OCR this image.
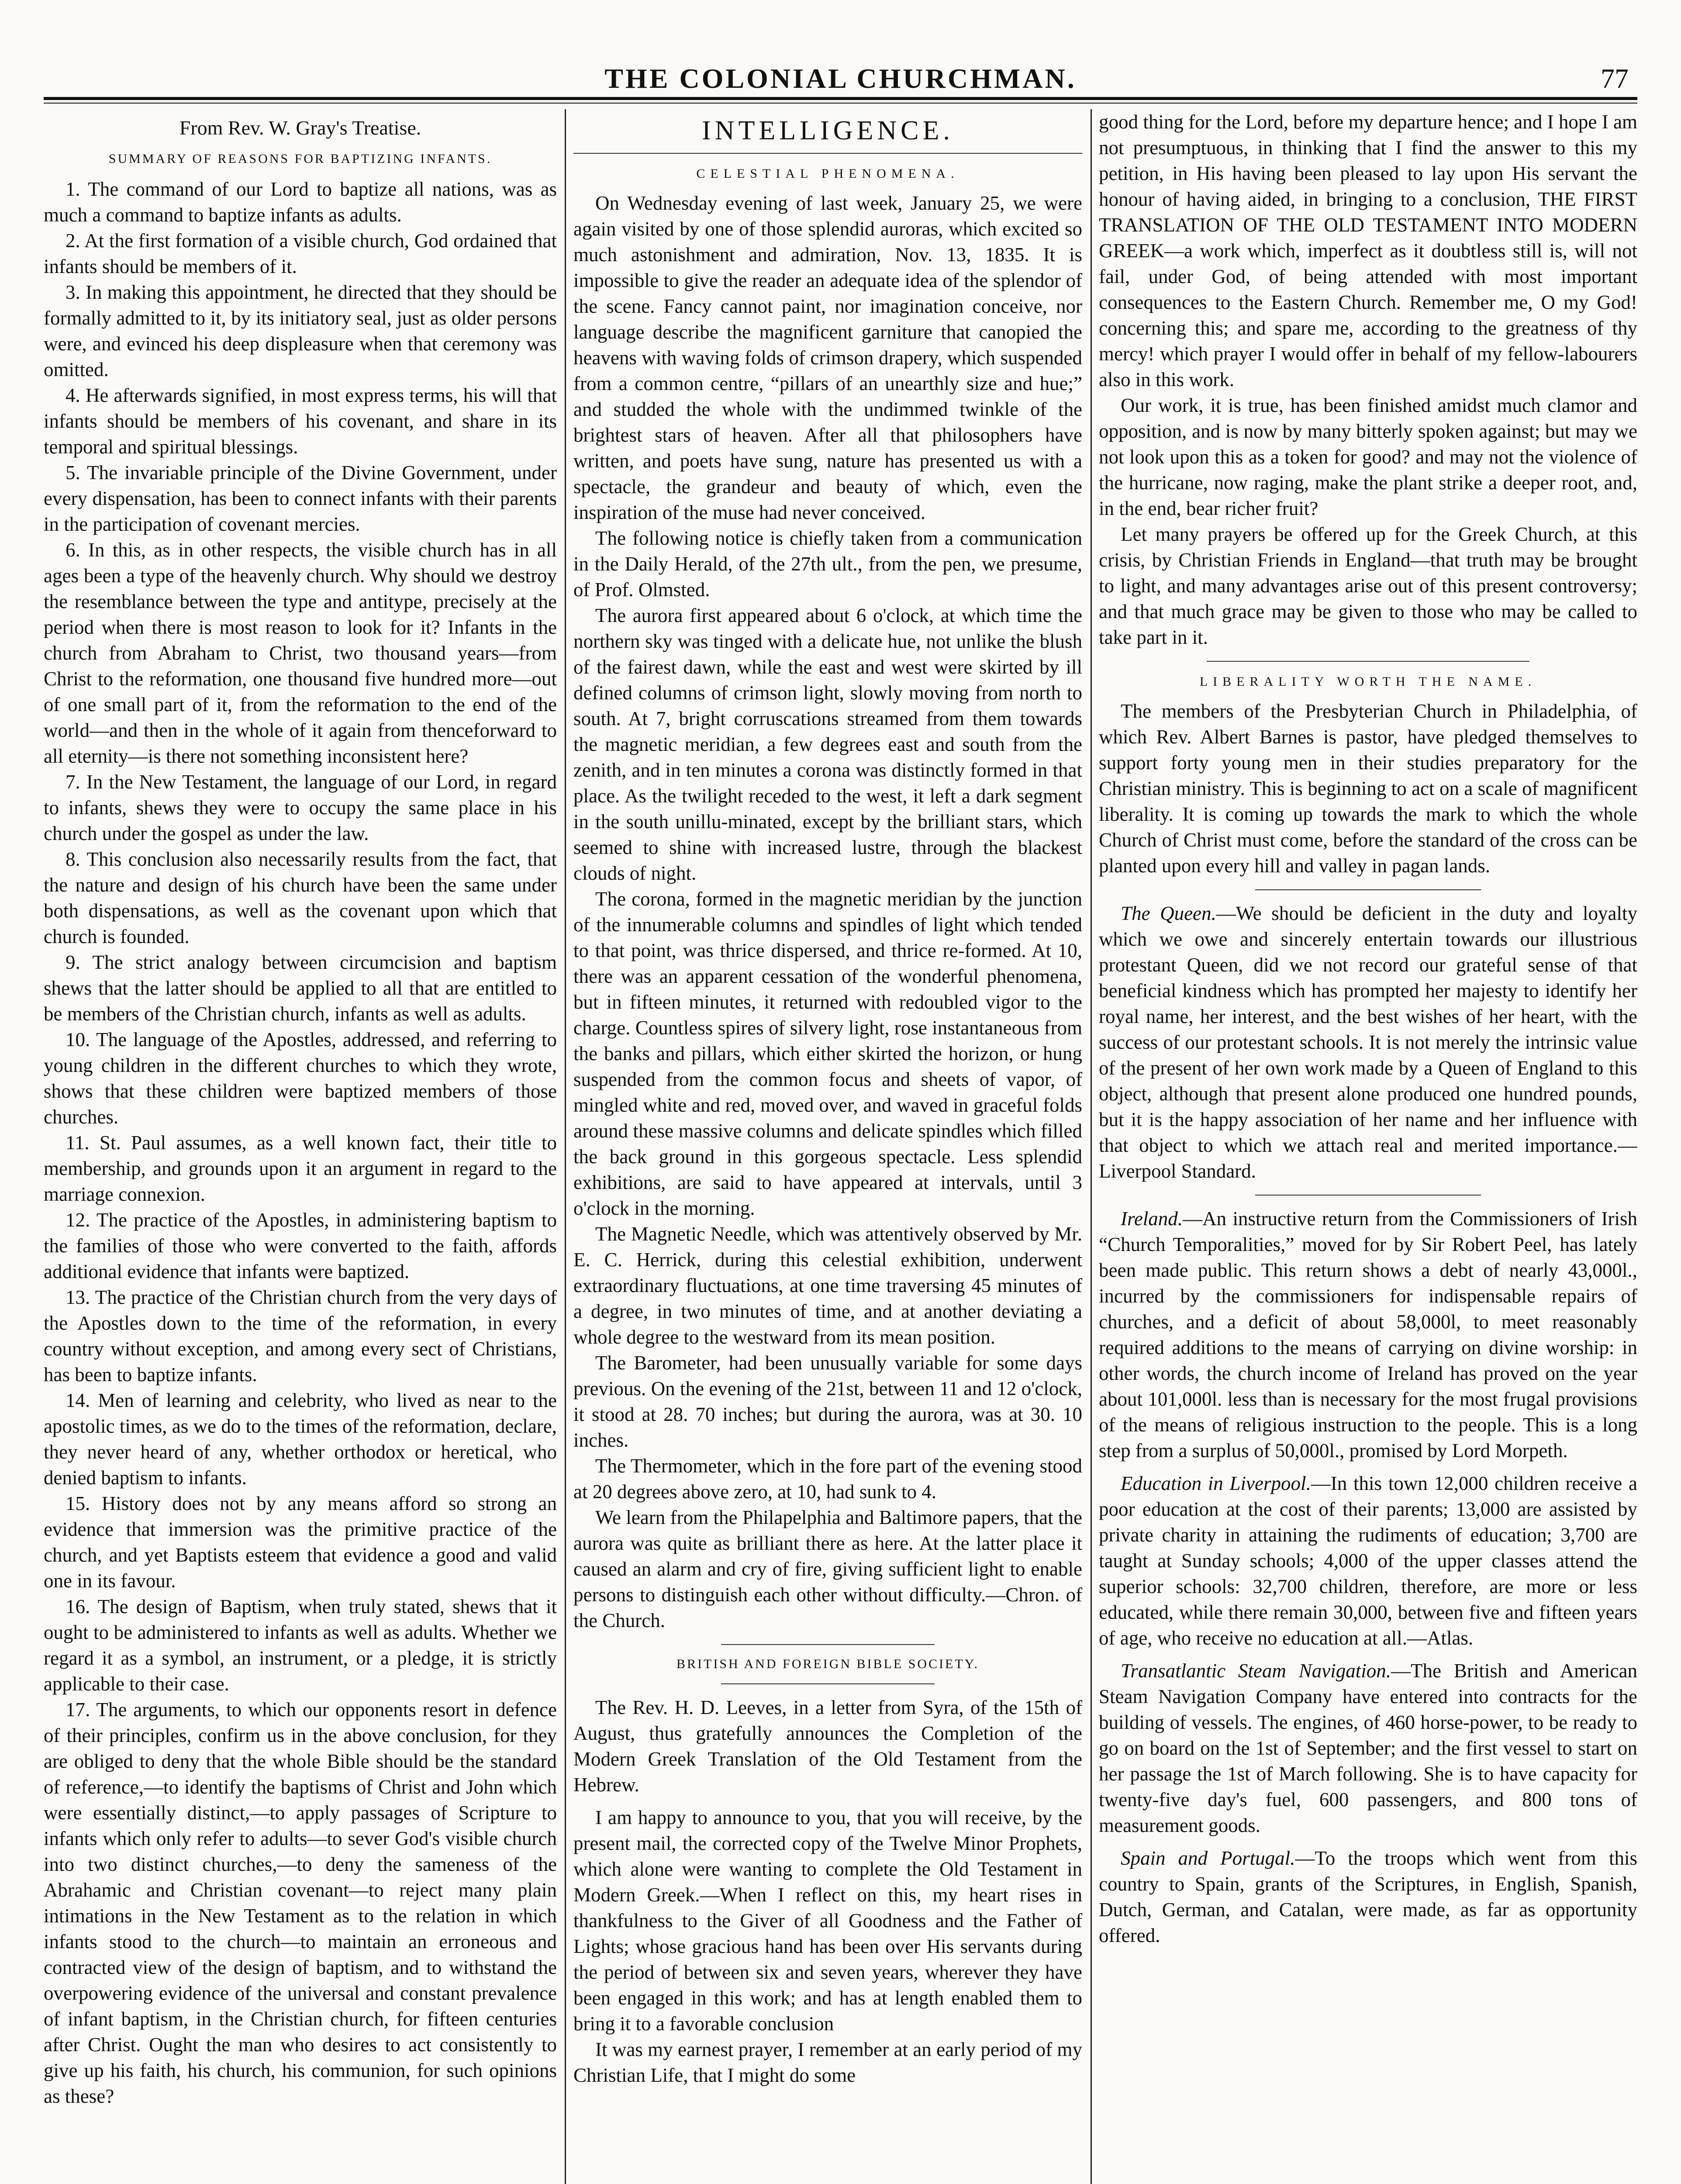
THE COLONIAL CHURCHMAN.	77
From Rev. W. Gray's Treatise.
SUMMARY OF REASONS FOR BAPTIZING INFANTS.

1. The command of our Lord to baptize all nations, was as much a command to baptize infants as adults.

2. At the first formation of a visible church, God ordained that infants should be members of it.

3. In making this appointment, he directed that they should be formally admitted to it, by its initiatory seal, just as older persons were, and evinced his deep displeasure when that ceremony was omitted.

4. He afterwards signified, in most express terms, his will that infants should be members of his covenant, and share in its temporal and spiritual blessings.

5. The invariable principle of the Divine Government, under every dispensation, has been to connect infants with their parents in the participation of covenant mercies.

6. In this, as in other respects, the visible church has in all ages been a type of the heavenly church. Why should we destroy the resemblance between the type and antitype, precisely at the period when there is most reason to look for it? Infants in the church from Abraham to Christ, two thousand years—from Christ to the reformation, one thousand five hundred more—out of one small part of it, from the reformation to the end of the world—and then in the whole of it again from thenceforward to all eternity—is there not something inconsistent here?

7. In the New Testament, the language of our Lord, in regard to infants, shews they were to occupy the same place in his church under the gospel as under the law.

8. This conclusion also necessarily results from the fact, that the nature and design of his church have been the same under both dispensations, as well as the covenant upon which that church is founded.

9. The strict analogy between circumcision and baptism shews that the latter should be applied to all that are entitled to be members of the Christian church, infants as well as adults.

10. The language of the Apostles, addressed, and referring to young children in the different churches to which they wrote, shows that these children were baptized members of those churches.

11. St. Paul assumes, as a well known fact, their title to membership, and grounds upon it an argument in regard to the marriage connexion.

12. The practice of the Apostles, in administering baptism to the families of those who were converted to the faith, affords additional evidence that infants were baptized.

13. The practice of the Christian church from the very days of the Apostles down to the time of the reformation, in every country without exception, and among every sect of Christians, has been to baptize infants.

14. Men of learning and celebrity, who lived as near to the apostolic times, as we do to the times of the reformation, declare, they never heard of any, whether orthodox or heretical, who denied baptism to infants.

15. History does not by any means afford so strong an evidence that immersion was the primitive practice of the church, and yet Baptists esteem that evidence a good and valid one in its favour.

16. The design of Baptism, when truly stated, shews that it ought to be administered to infants as well as adults. Whether we regard it as a symbol, an instrument, or a pledge, it is strictly applicable to their case.

17. The arguments, to which our opponents resort in defence of their principles, confirm us in the above conclusion, for they are obliged to deny that the whole Bible should be the standard of reference,—to identify the baptisms of Christ and John which were essentially distinct,—to apply passages of Scripture to infants which only refer to adults—to sever God's visible church into two distinct churches,—to deny the sameness of the Abrahamic and Christian covenant—to reject many plain intimations in the New Testament as to the relation in which infants stood to the church—to maintain an erroneous and contracted view of the design of baptism, and to withstand the overpowering evidence of the universal and constant prevalence of infant baptism, in the Christian church, for fifteen centuries after Christ. Ought the man who desires to act consistently to give up his faith, his church, his communion, for such opinions as these?

INTELLIGENCE.
CELESTIAL PHENOMENA.

On Wednesday evening of last week, January 25, we were again visited by one of those splendid auroras, which excited so much astonishment and admiration, Nov. 13, 1835. It is impossible to give the reader an adequate idea of the splendor of the scene. Fancy cannot paint, nor imagination conceive, nor language describe the magnificent garniture that canopied the heavens with waving folds of crimson drapery, which suspended from a common centre, “pillars of an unearthly size and hue;” and studded the whole with the undimmed twinkle of the brightest stars of heaven. After all that philosophers have written, and poets have sung, nature has presented us with a spectacle, the grandeur and beauty of which, even the inspiration of the muse had never conceived.

The following notice is chiefly taken from a communication in the Daily Herald, of the 27th ult., from the pen, we presume, of Prof. Olmsted.

The aurora first appeared about 6 o'clock, at which time the northern sky was tinged with a delicate hue, not unlike the blush of the fairest dawn, while the east and west were skirted by ill defined columns of crimson light, slowly moving from north to south. At 7, bright corruscations streamed from them towards the magnetic meridian, a few degrees east and south from the zenith, and in ten minutes a corona was distinctly formed in that place. As the twilight receded to the west, it left a dark segment in the south unillu-minated, except by the brilliant stars, which seemed to shine with increased lustre, through the blackest clouds of night.

The corona, formed in the magnetic meridian by the junction of the innumerable columns and spindles of light which tended to that point, was thrice dispersed, and thrice re-formed. At 10, there was an apparent cessation of the wonderful phenomena, but in fifteen minutes, it returned with redoubled vigor to the charge. Countless spires of silvery light, rose instantaneous from the banks and pillars, which either skirted the horizon, or hung suspended from the common focus and sheets of vapor, of mingled white and red, moved over, and waved in graceful folds around these massive columns and delicate spindles which filled the back ground in this gorgeous spectacle. Less splendid exhibitions, are said to have appeared at intervals, until 3 o'clock in the morning.

The Magnetic Needle, which was attentively observed by Mr. E. C. Herrick, during this celestial exhibition, underwent extraordinary fluctuations, at one time traversing 45 minutes of a degree, in two minutes of time, and at another deviating a whole degree to the westward from its mean position.

The Barometer, had been unusually variable for some days previous. On the evening of the 21st, between 11 and 12 o'clock, it stood at 28. 70 inches; but during the aurora, was at 30. 10 inches.

The Thermometer, which in the fore part of the evening stood at 20 degrees above zero, at 10, had sunk to 4.

We learn from the Philapelphia and Baltimore papers, that the aurora was quite as brilliant there as here. At the latter place it caused an alarm and cry of fire, giving sufficient light to enable persons to distinguish each other without difficulty.—Chron. of the Church.

BRITISH AND FOREIGN BIBLE SOCIETY.

The Rev. H. D. Leeves, in a letter from Syra, of the 15th of August, thus gratefully announces the Completion of the Modern Greek Translation of the Old Testament from the Hebrew.

I am happy to announce to you, that you will receive, by the present mail, the corrected copy of the Twelve Minor Prophets, which alone were wanting to complete the Old Testament in Modern Greek.—When I reflect on this, my heart rises in thankfulness to the Giver of all Goodness and the Father of Lights; whose gracious hand has been over His servants during the period of between six and seven years, wherever they have been engaged in this work; and has at length enabled them to bring it to a favorable conclusion

It was my earnest prayer, I remember at an early period of my Christian Life, that I might do some

good thing for the Lord, before my departure hence; and I hope I am not presumptuous, in thinking that I find the answer to this my petition, in His having been pleased to lay upon His servant the honour of having aided, in bringing to a conclusion, THE FIRST TRANSLATION OF THE OLD TESTAMENT INTO MODERN GREEK—a work which, imperfect as it doubtless still is, will not fail, under God, of being attended with most important consequences to the Eastern Church. Remember me, O my God! concerning this; and spare me, according to the greatness of thy mercy! which prayer I would offer in behalf of my fellow-labourers also in this work.

Our work, it is true, has been finished amidst much clamor and opposition, and is now by many bitterly spoken against; but may we not look upon this as a token for good? and may not the violence of the hurricane, now raging, make the plant strike a deeper root, and, in the end, bear richer fruit?

Let many prayers be offered up for the Greek Church, at this crisis, by Christian Friends in England—that truth may be brought to light, and many advantages arise out of this present controversy; and that much grace may be given to those who may be called to take part in it.

LIBERALITY WORTH THE NAME.

The members of the Presbyterian Church in Philadelphia, of which Rev. Albert Barnes is pastor, have pledged themselves to support forty young men in their studies preparatory for the Christian ministry. This is beginning to act on a scale of magnificent liberality. It is coming up towards the mark to which the whole Church of Christ must come, before the standard of the cross can be planted upon every hill and valley in pagan lands.

The Queen.—We should be deficient in the duty and loyalty which we owe and sincerely entertain towards our illustrious protestant Queen, did we not record our grateful sense of that beneficial kindness which has prompted her majesty to identify her royal name, her interest, and the best wishes of her heart, with the success of our protestant schools. It is not merely the intrinsic value of the present of her own work made by a Queen of England to this object, although that present alone produced one hundred pounds, but it is the happy association of her name and her influence with that object to which we attach real and merited importance.—Liverpool Standard.

Ireland.—An instructive return from the Commissioners of Irish “Church Temporalities,” moved for by Sir Robert Peel, has lately been made public. This return shows a debt of nearly 43,000l., incurred by the commissioners for indispensable repairs of churches, and a deficit of about 58,000l, to meet reasonably required additions to the means of carrying on divine worship: in other words, the church income of Ireland has proved on the year about 101,000l. less than is necessary for the most frugal provisions of the means of religious instruction to the people. This is a long step from a surplus of 50,000l., promised by Lord Morpeth.

Education in Liverpool.—In this town 12,000 children receive a poor education at the cost of their parents; 13,000 are assisted by private charity in attaining the rudiments of education; 3,700 are taught at Sunday schools; 4,000 of the upper classes attend the superior schools: 32,700 children, therefore, are more or less educated, while there remain 30,000, between five and fifteen years of age, who receive no education at all.—Atlas.

Transatlantic Steam Navigation.—The British and American Steam Navigation Company have entered into contracts for the building of vessels. The engines, of 460 horse-power, to be ready to go on board on the 1st of September; and the first vessel to start on her passage the 1st of March following. She is to have capacity for twenty-five day's fuel, 600 passengers, and 800 tons of measurement goods.

Spain and Portugal.—To the troops which went from this country to Spain, grants of the Scriptures, in English, Spanish, Dutch, German, and Catalan, were made, as far as opportunity offered.
